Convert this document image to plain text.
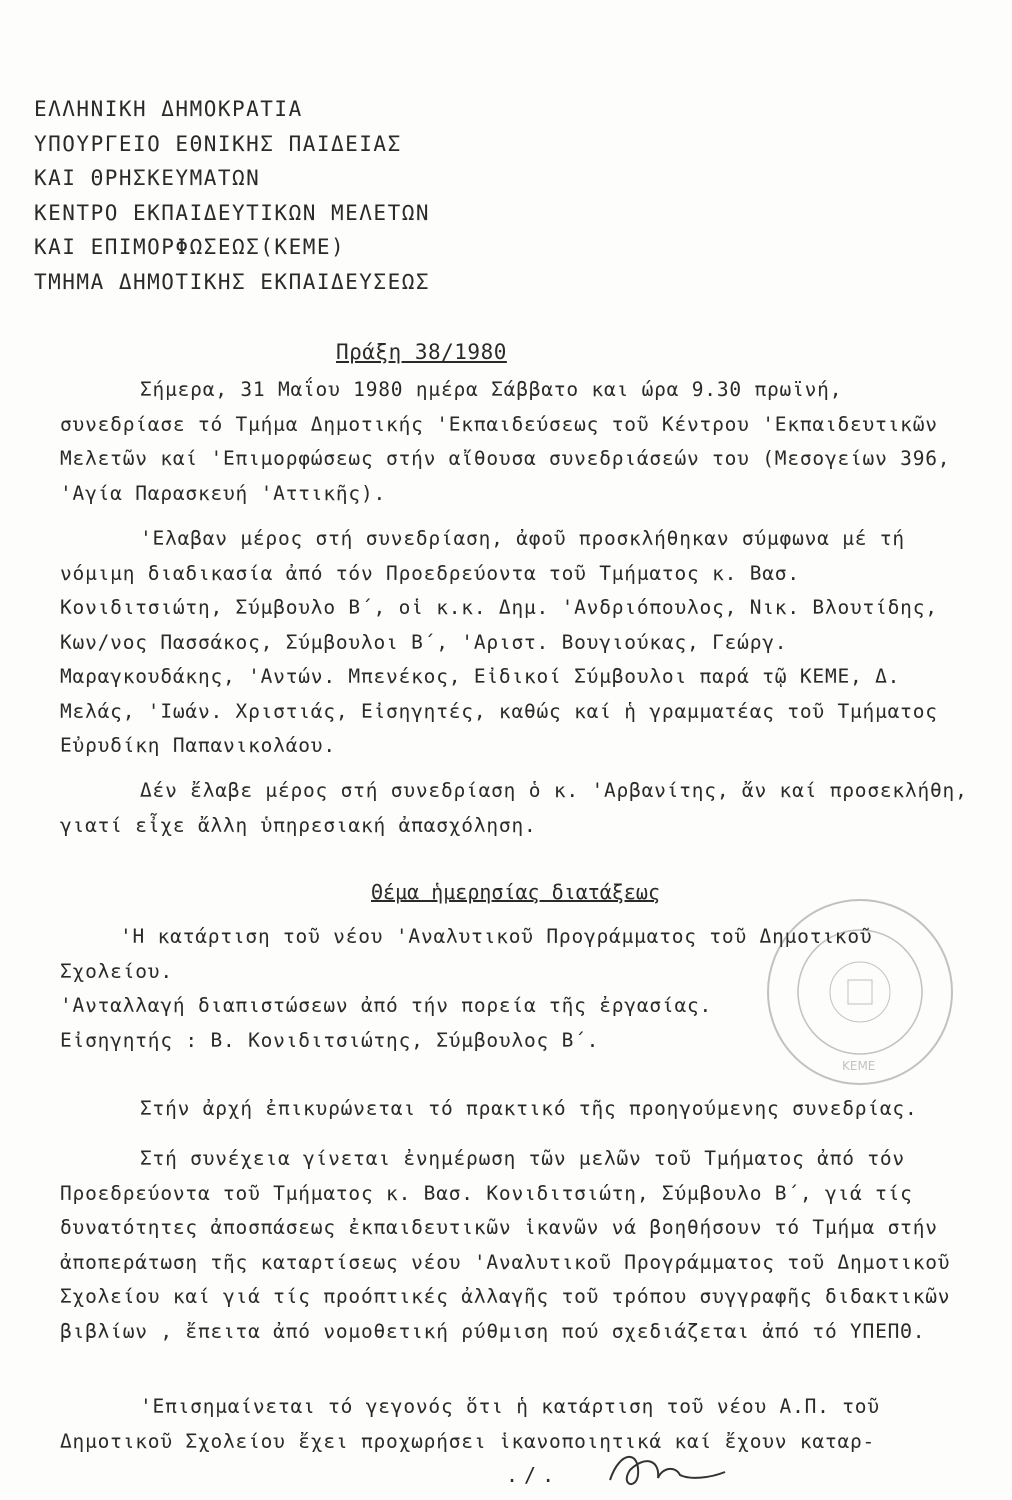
ΕΛΛΗΝΙΚΗ ΔΗΜΟΚΡΑΤΙΑ
ΥΠΟΥΡΓΕΙΟ ΕΘΝΙΚΗΣ ΠΑΙΔΕΙΑΣ
ΚΑΙ ΘΡΗΣΚΕΥΜΑΤΩΝ
ΚΕΝΤΡΟ ΕΚΠΑΙΔΕΥΤΙΚΩΝ ΜΕΛΕΤΩΝ
ΚΑΙ ΕΠΙΜΟΡΦΩΣΕΩΣ(ΚΕΜΕ)
ΤΜΗΜΑ ΔΗΜΟΤΙΚΗΣ ΕΚΠΑΙΔΕΥΣΕΩΣ
Πράξη 38/1980

Σήμερα, 31 Μαΐου 1980 ημέρα Σάββατο και ώρα 9.30 πρωϊνή, συνεδρίασε τό Τμήμα Δημοτικής 'Εκπαιδεύσεως τοῦ Κέντρου 'Εκπαιδευτικῶν Μελετῶν καί 'Επιμορφώσεως στήν αἴθουσα συνεδριάσεών του (Μεσογείων 396, 'Αγία Παρασκευή 'Αττικῆς).

'Ελαβαν μέρος στή συνεδρίαση, ἀφοῦ προσκλήθηκαν σύμφωνα μέ τή νόμιμη διαδικασία ἀπό τόν Προεδρεύοντα τοῦ Τμήματος κ. Βασ. Κονιδιτσιώτη, Σύμβουλο Β΄, οἱ κ.κ. Δημ. 'Ανδριόπουλος, Νικ. Βλουτίδης, Κων/νος Πασσάκος, Σύμβουλοι Β΄, 'Αριστ. Βουγιούκας, Γεώργ. Μαραγκουδάκης, 'Αντών. Μπενέκος, Εἰδικοί Σύμβουλοι παρά τῷ ΚΕΜΕ, Δ. Μελάς, 'Ιωάν. Χριστιάς, Εἰσηγητές, καθώς καί ἡ γραμματέας τοῦ Τμήματος Εὐρυδίκη Παπανικολάου.

Δέν ἔλαβε μέρος στή συνεδρίαση ὁ κ. 'Αρβανίτης, ἄν καί προσεκλήθη, γιατί εἶχε ἄλλη ὑπηρεσιακή ἀπασχόληση.

Θέμα ἡμερησίας διατάξεως
'Η κατάρτιση τοῦ νέου 'Αναλυτικοῦ Προγράμματος τοῦ Δημοτικοῦ
Σχολείου.
'Ανταλλαγή διαπιστώσεων ἀπό τήν πορεία τῆς ἐργασίας.
Εἰσηγητής : Β. Κονιδιτσιώτης, Σύμβουλος Β΄.
ΚΕΜΕ

Στήν ἀρχή ἐπικυρώνεται τό πρακτικό τῆς προηγούμενης συνεδρίας.

Στή συνέχεια γίνεται ἐνημέρωση τῶν μελῶν τοῦ Τμήματος ἀπό τόν Προεδρεύοντα τοῦ Τμήματος κ. Βασ. Κονιδιτσιώτη, Σύμβουλο Β΄, γιά τίς δυνατότητες ἀποσπάσεως ἐκπαιδευτικῶν ἱκανῶν νά βοηθήσουν τό Τμήμα στήν ἀποπεράτωση τῆς καταρτίσεως νέου 'Αναλυτικοῦ Προγράμματος τοῦ Δημοτικοῦ Σχολείου καί γιά τίς προόπτικές ἀλλαγῆς τοῦ τρόπου συγγραφῆς διδακτικῶν βιβλίων , ἔπειτα ἀπό νομοθετική ρύθμιση πού σχεδιάζεται ἀπό τό ΥΠΕΠΘ.

'Επισημαίνεται τό γεγονός ὅτι ἡ κατάρτιση τοῦ νέου Α.Π. τοῦ Δημοτικοῦ Σχολείου ἔχει προχωρήσει ἱκανοποιητικά καί ἔχουν καταρ-

./.
